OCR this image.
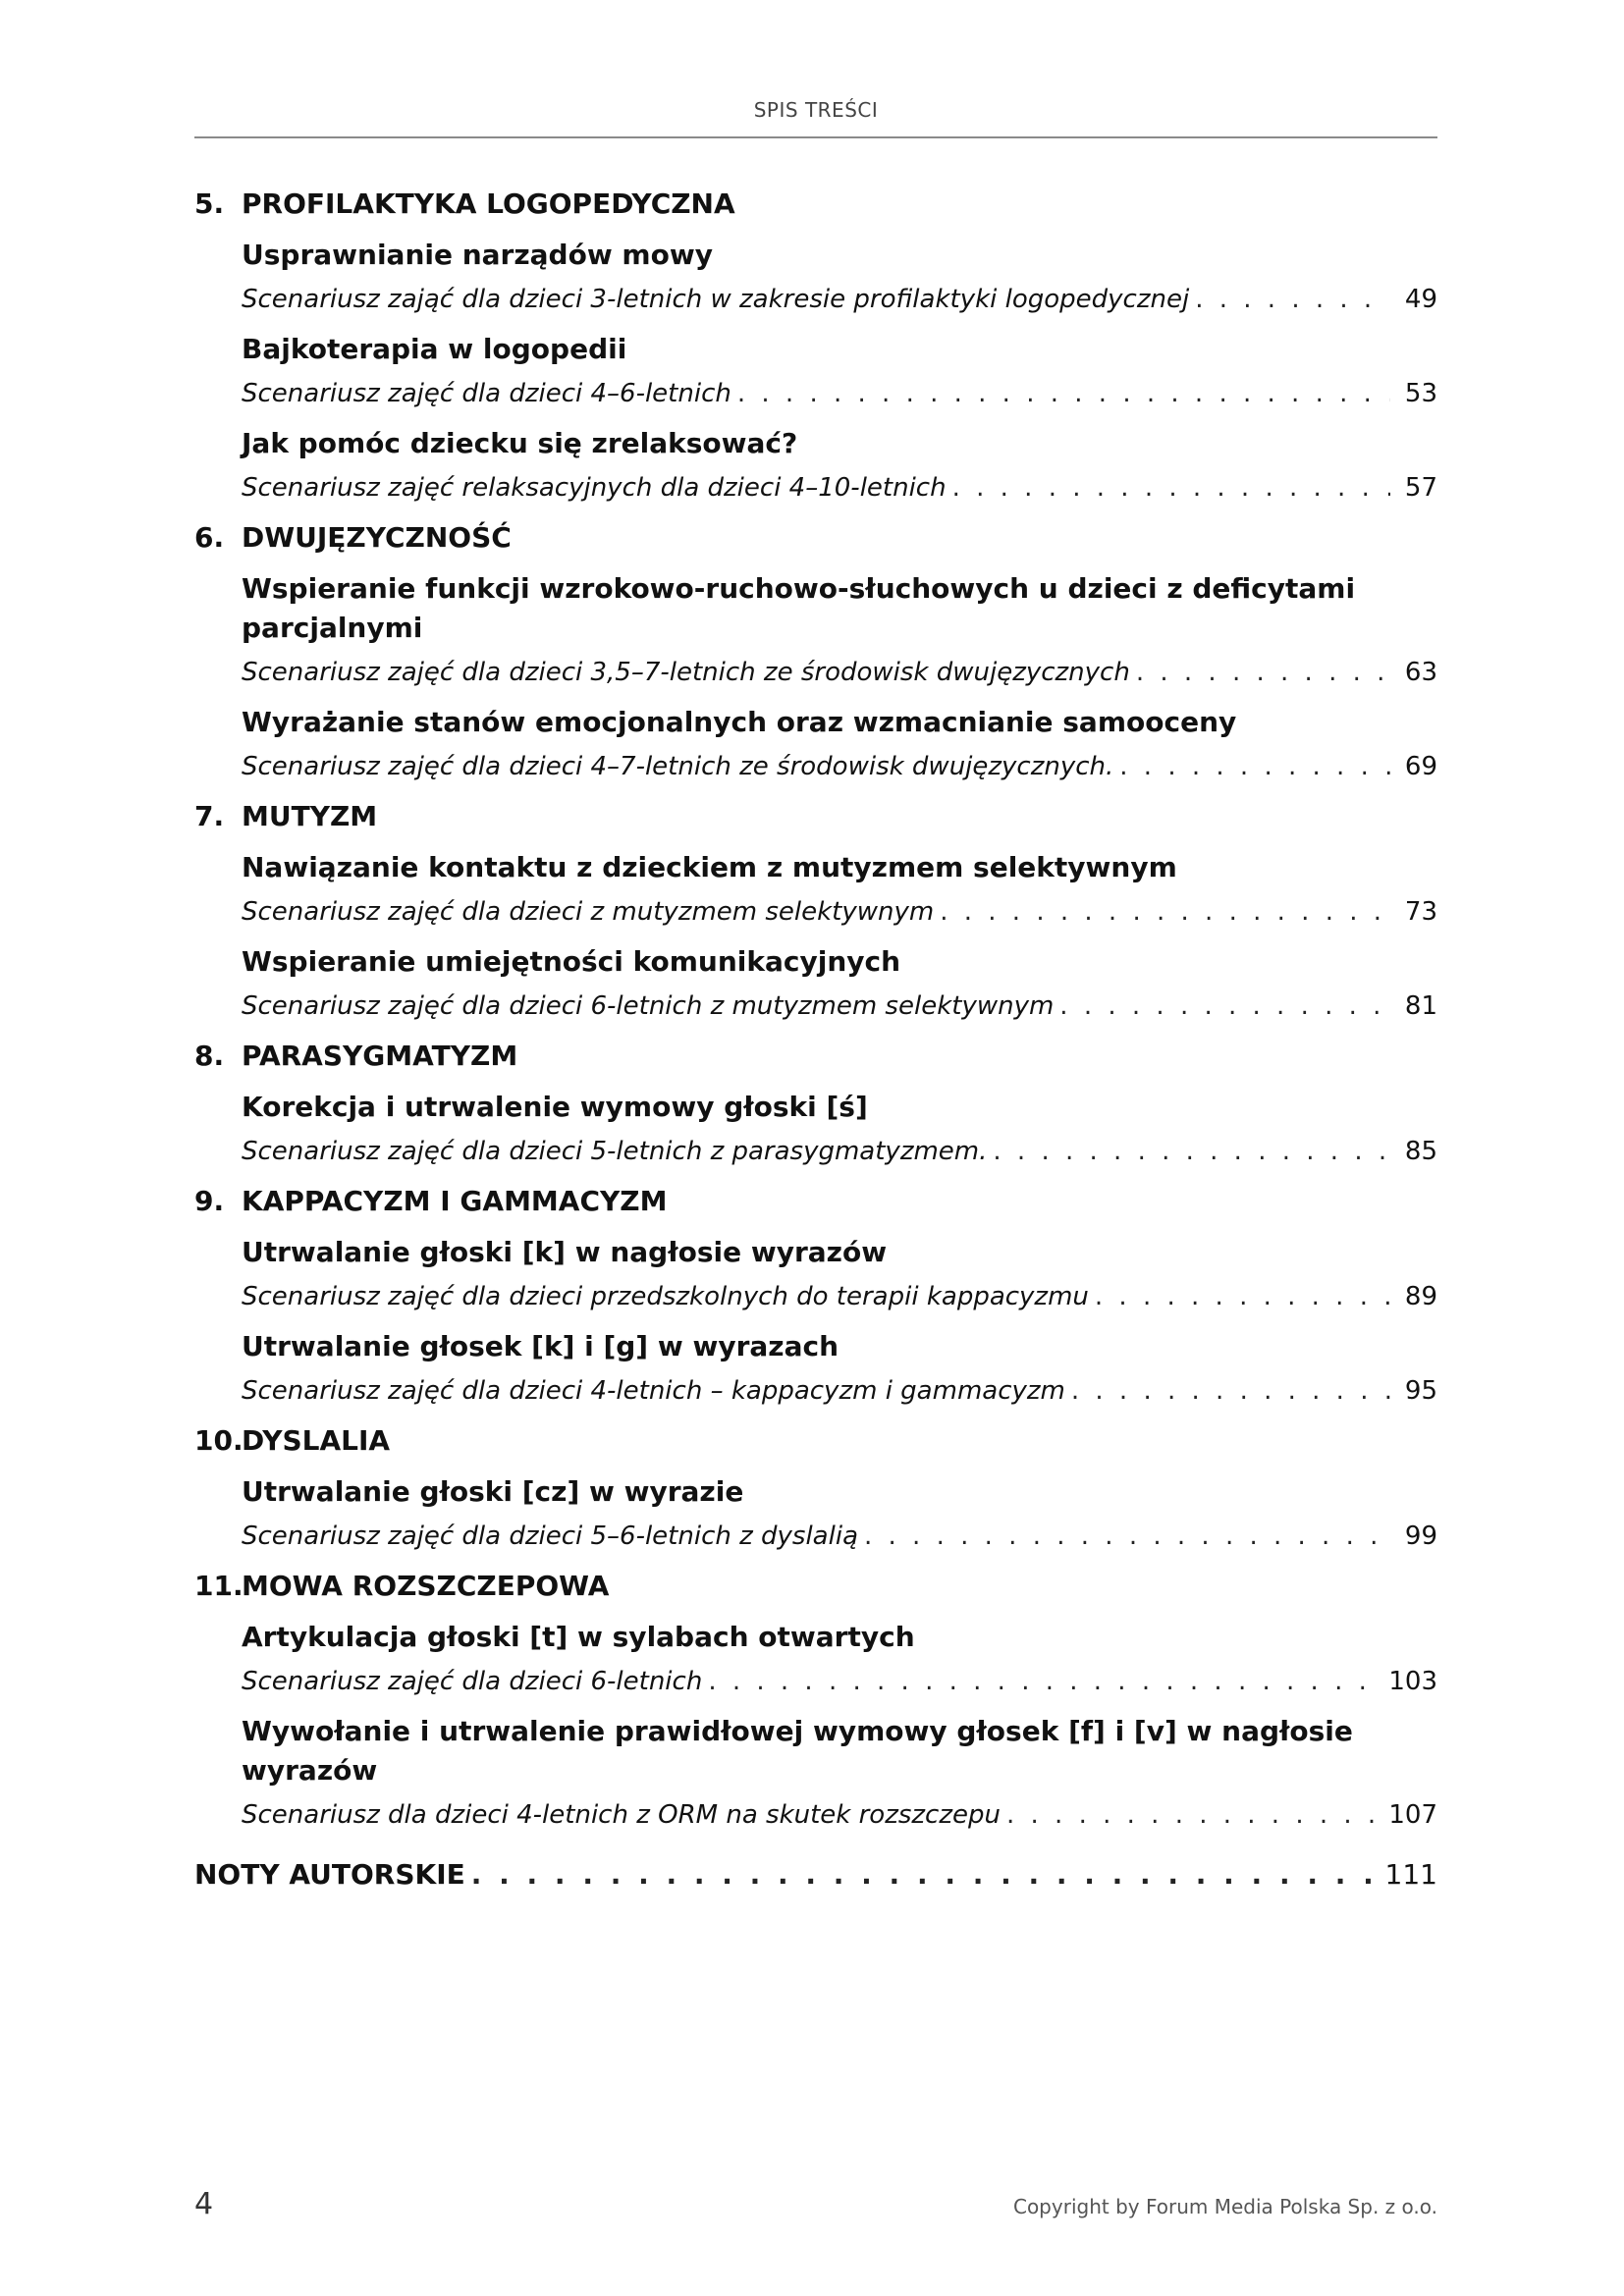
SPIS TREŚCI
5. PROFILAKTYKA LOGOPEDYCZNA
Usprawnianie narządów mowy
Scenariusz zająć dla dzieci 3-letnich w zakresie profilaktyki logopedycznej . . .	49
Bajkoterapia w logopedii
Scenariusz zajęć dla dzieci 4–6-letnich . . .	53
Jak pomóc dziecku się zrelaksować?
Scenariusz zajęć relaksacyjnych dla dzieci 4–10-letnich . . .	57
6. DWUJĘZYCZNOŚĆ
Wspieranie funkcji wzrokowo-ruchowo-słuchowych u dzieci z deficytami parcjalnymi
Scenariusz zajęć dla dzieci 3,5–7-letnich ze środowisk dwujęzycznych . . .	63
Wyrażanie stanów emocjonalnych oraz wzmacnianie samooceny
Scenariusz zajęć dla dzieci 4–7-letnich ze środowisk dwujęzycznych. . . .	69
7. MUTYZM
Nawiązanie kontaktu z dzieckiem z mutyzmem selektywnym
Scenariusz zajęć dla dzieci z mutyzmem selektywnym . . .	73
Wspieranie umiejętności komunikacyjnych
Scenariusz zajęć dla dzieci 6-letnich z mutyzmem selektywnym . . .	81
8. PARASYGMATYZM
Korekcja i utrwalenie wymowy głoski [ś]
Scenariusz zajęć dla dzieci 5-letnich z parasygmatyzmem. . . .	85
9. KAPPACYZM I GAMMACYZM
Utrwalanie głoski [k] w nagłosie wyrazów
Scenariusz zajęć dla dzieci przedszkolnych do terapii kappacyzmu . . .	89
Utrwalanie głosek [k] i [g] w wyrazach
Scenariusz zajęć dla dzieci 4-letnich – kappacyzm i gammacyzm . . .	95
10.
DYSLALIA
Utrwalanie głoski [cz] w wyrazie
Scenariusz zajęć dla dzieci 5–6-letnich z dyslalią . . .	99
11.
MOWA ROZSZCZEPOWA
Artykulacja głoski [t] w sylabach otwartych
Scenariusz zajęć dla dzieci 6-letnich . . .	103
Wywołanie i utrwalenie prawidłowej wymowy głosek [f] i [v] w nagłosie wyrazów
Scenariusz dla dzieci 4-letnich z ORM na skutek rozszczepu . . .	107
NOTY AUTORSKIE . . .	111
4	Copyright by Forum Media Polska Sp. z o.o.
